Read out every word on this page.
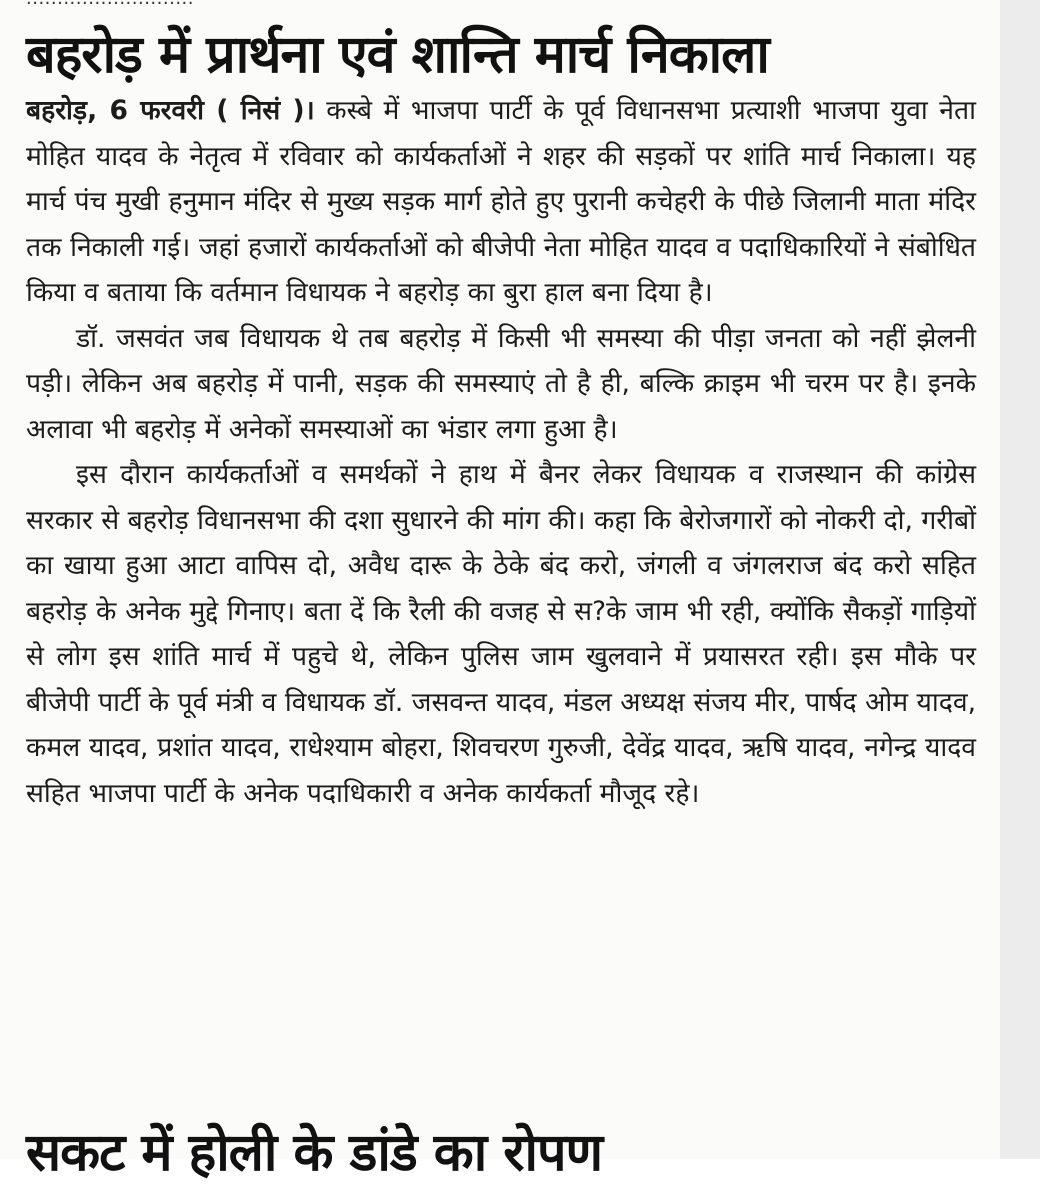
बहरोड़ में प्रार्थना एवं शान्ति मार्च निकाला

बहरोड़, 6 फरवरी ( निसं )। कस्बे में भाजपा पार्टी के पूर्व विधानसभा प्रत्याशी भाजपा युवा नेता मोहित यादव के नेतृत्व में रविवार को कार्यकर्ताओं ने शहर की सड़कों पर शांति मार्च निकाला। यह मार्च पंच मुखी हनुमान मंदिर से मुख्य सड़क मार्ग होते हुए पुरानी कचेहरी के पीछे जिलानी माता मंदिर तक निकाली गई। जहां हजारों कार्यकर्ताओं को बीजेपी नेता मोहित यादव व पदाधिकारियों ने संबोधित किया व बताया कि वर्तमान विधायक ने बहरोड़ का बुरा हाल बना दिया है।

डॉ. जसवंत जब विधायक थे तब बहरोड़ में किसी भी समस्या की पीड़ा जनता को नहीं झेलनी पड़ी। लेकिन अब बहरोड़ में पानी, सड़क की समस्याएं तो है ही, बल्कि क्राइम भी चरम पर है। इनके अलावा भी बहरोड़ में अनेकों समस्याओं का भंडार लगा हुआ है।

इस दौरान कार्यकर्ताओं व समर्थकों ने हाथ में बैनर लेकर विधायक व राजस्थान की कांग्रेस सरकार से बहरोड़ विधानसभा की दशा सुधारने की मांग की। कहा कि बेरोजगारों को नोकरी दो, गरीबों का खाया हुआ आटा वापिस दो, अवैध दारू के ठेके बंद करो, जंगली व जंगलराज बंद करो सहित बहरोड़ के अनेक मुद्दे गिनाए। बता दें कि रैली की वजह से स?के जाम भी रही, क्योंकि सैकड़ों गाड़ियों से लोग इस शांति मार्च में पहुचे थे, लेकिन पुलिस जाम खुलवाने में प्रयासरत रही। इस मौके पर बीजेपी पार्टी के पूर्व मंत्री व विधायक डॉ. जसवन्त यादव, मंडल अध्यक्ष संजय मीर, पार्षद ओम यादव, कमल यादव, प्रशांत यादव, राधेश्याम बोहरा, शिवचरण गुरुजी, देवेंद्र यादव, ऋषि यादव, नगेन्द्र यादव सहित भाजपा पार्टी के अनेक पदाधिकारी व अनेक कार्यकर्ता मौजूद रहे।

सकट में होली के डांडे का रोपण
